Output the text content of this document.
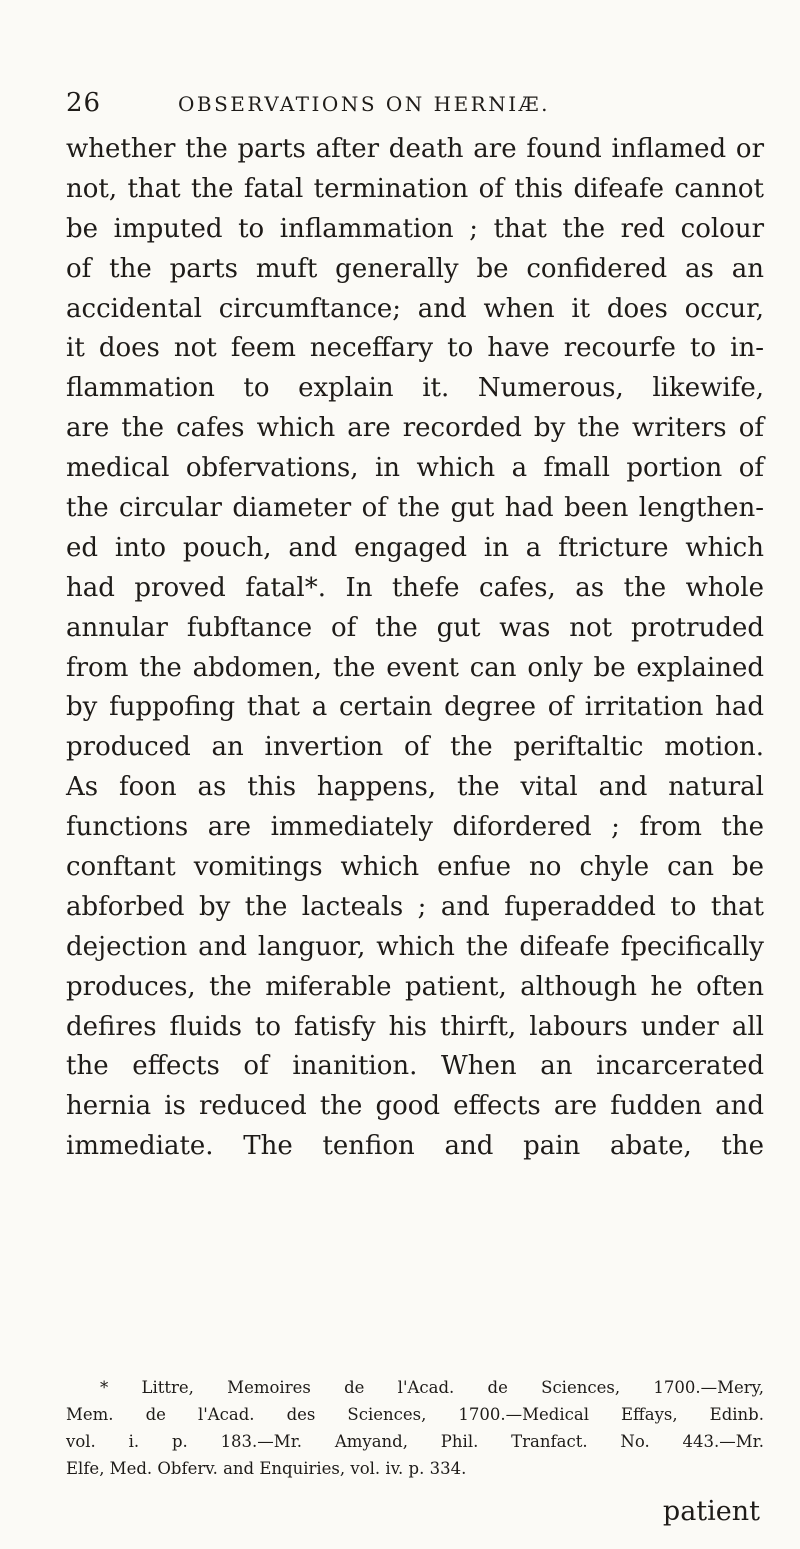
26	OBSERVATIONS ON HERNIÆ.
whether the parts after death are found inflamed or
not, that the fatal termination of this difeafe cannot
be imputed to inflammation ; that the red colour
of the parts muft generally be confidered as an
accidental circumftance; and when it does occur,
it does not feem neceffary to have recourfe to in-
flammation to explain it. Numerous, likewife,
are the cafes which are recorded by the writers of
medical obfervations, in which a fmall portion of
the circular diameter of the gut had been lengthen-
ed into pouch, and engaged in a ftricture which
had proved fatal*. In thefe cafes, as the whole
annular fubftance of the gut was not protruded
from the abdomen, the event can only be explained
by fuppofing that a certain degree of irritation had
produced an invertion of the periftaltic motion.
As foon as this happens, the vital and natural
functions are immediately difordered ; from the
conftant vomitings which enfue no chyle can be
abforbed by the lacteals ; and fuperadded to that
dejection and languor, which the difeafe fpecifically
produces, the miferable patient, although he often
defires fluids to fatisfy his thirft, labours under all
the effects of inanition. When an incarcerated
hernia is reduced the good effects are fudden and
immediate. The tenfion and pain abate, the
* Littre, Memoires de l'Acad. de Sciences, 1700.—Mery,
Mem. de l'Acad. des Sciences, 1700.—Medical Effays, Edinb.
vol. i. p. 183.—Mr. Amyand, Phil. Tranfact. No. 443.—Mr.
Elfe, Med. Obferv. and Enquiries, vol. iv. p. 334.
patient
